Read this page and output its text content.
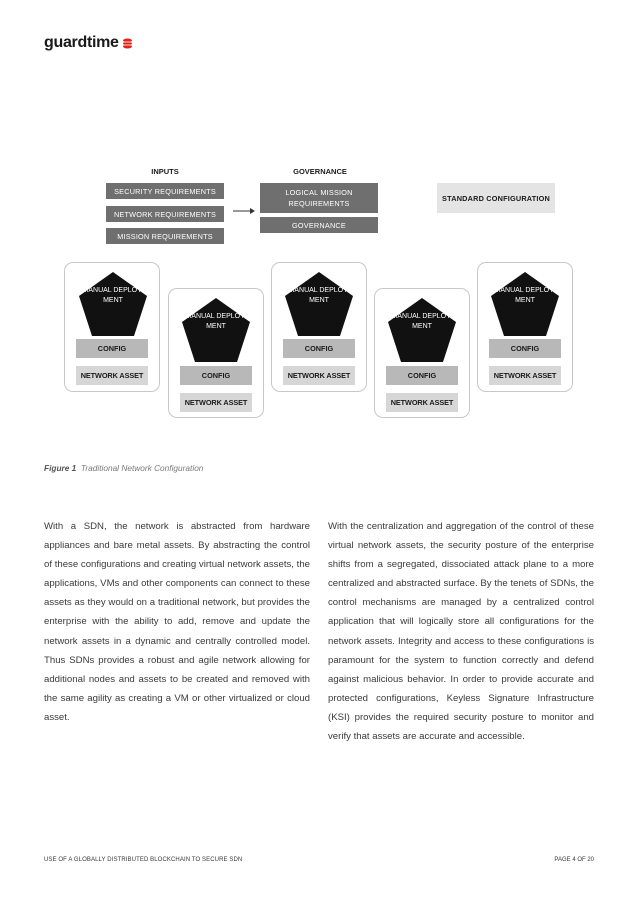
guardtime
INPUTS	GOVERNANCE
SECURITY REQUIREMENTS
NETWORK REQUIREMENTS
MISSION REQUIREMENTS
LOGICAL MISSION REQUIREMENTS
GOVERNANCE
STANDARD CONFIGURATION
MANUAL DEPLOY- MENT
CONFIG
NETWORK ASSET
MANUAL DEPLOY- MENT
CONFIG
NETWORK ASSET
MANUAL DEPLOY- MENT
CONFIG
NETWORK ASSET
MANUAL DEPLOY- MENT
CONFIG
NETWORK ASSET
MANUAL DEPLOY- MENT
CONFIG
NETWORK ASSET
Figure 1 Traditional Network Configuration
With a SDN, the network is abstracted from hardware appliances and bare metal assets. By abstracting the control of these configurations and creating virtual network assets, the applications, VMs and other components can connect to these assets as they would on a traditional network, but provides the enterprise with the ability to add, remove and update the network assets in a dynamic and centrally controlled model. Thus SDNs provides a robust and agile network allowing for additional nodes and assets to be created and removed with the same agility as creating a VM or other virtualized or cloud asset.
With the centralization and aggregation of the control of these virtual network assets, the security posture of the enterprise shifts from a segregated, dissociated attack plane to a more centralized and abstracted surface. By the tenets of SDNs, the control mechanisms are managed by a centralized control application that will logically store all configurations for the network assets. Integrity and access to these configurations is paramount for the system to function correctly and defend against malicious behavior. In order to provide accurate and protected configurations, Keyless Signature Infrastructure (KSI) provides the required security posture to monitor and verify that assets are accurate and accessible.
USE OF A GLOBALLY DISTRIBUTED BLOCKCHAIN TO SECURE SDN	PAGE 4 OF 20
